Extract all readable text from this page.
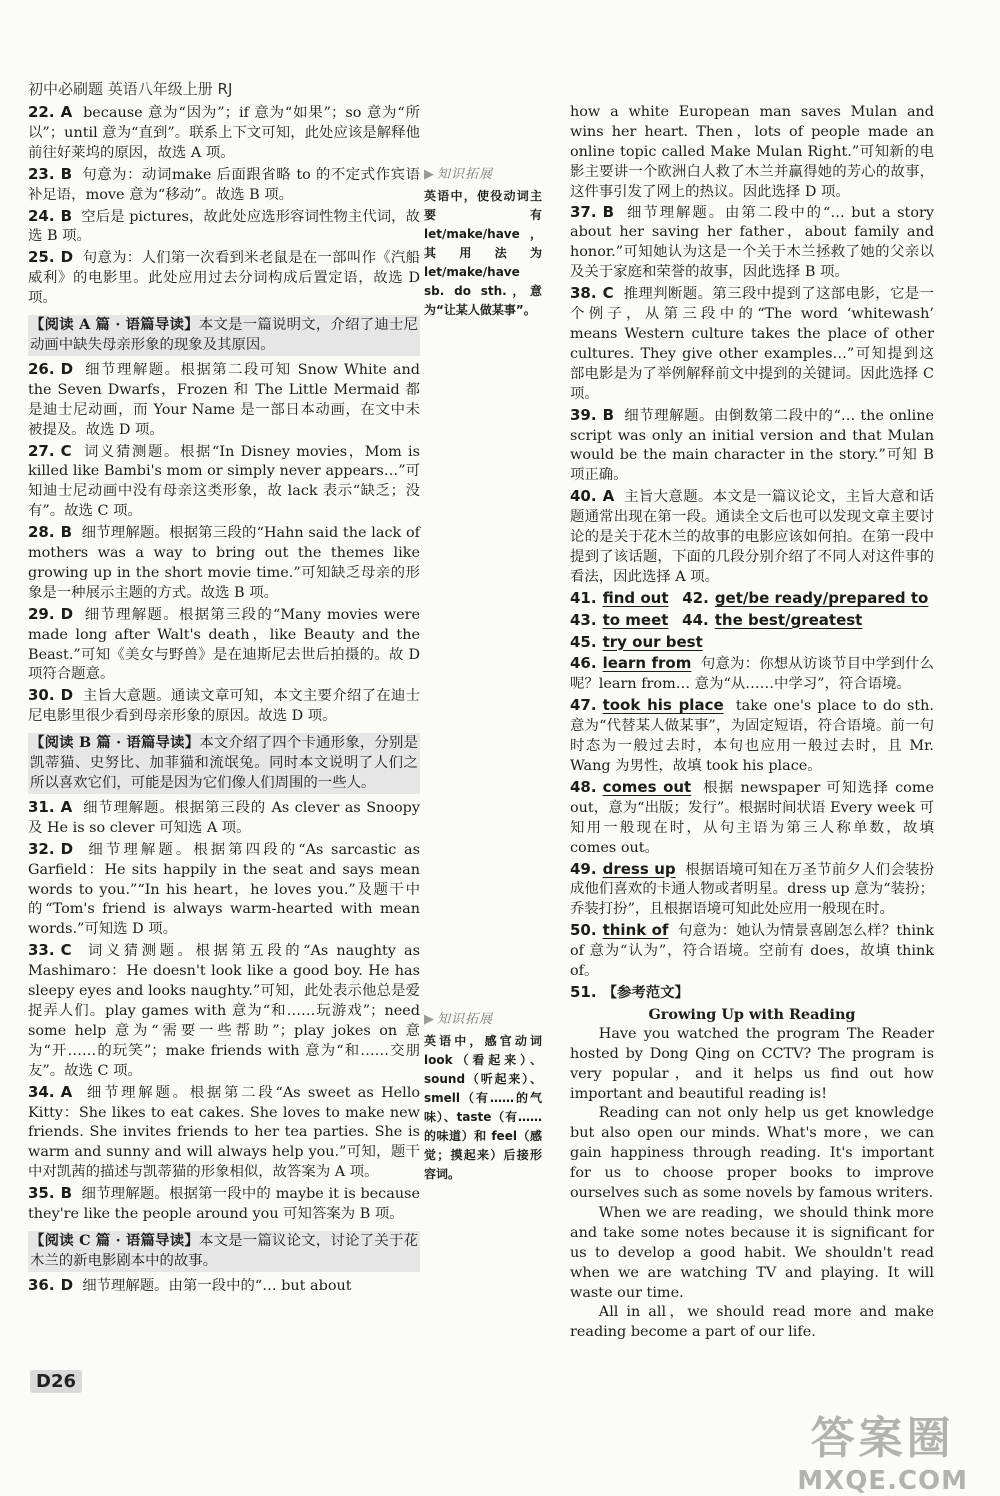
初中必刷题 英语八年级上册 RJ

22. A because 意为“因为”；if 意为“如果”；so 意为“所以”；until 意为“直到”。联系上下文可知，此处应该是解释他前往好莱坞的原因，故选 A 项。

23. B 句意为：动词make 后面跟省略 to 的不定式作宾语补足语，move 意为“移动”。故选 B 项。

24. B 空后是 pictures，故此处应选形容词性物主代词，故选 B 项。

25. D 句意为：人们第一次看到米老鼠是在一部叫作《汽船威利》的电影里。此处应用过去分词构成后置定语，故选 D 项。

【阅读 A 篇 · 语篇导读】本文是一篇说明文，介绍了迪士尼动画中缺失母亲形象的现象及其原因。

26. D 细节理解题。根据第二段可知 Snow White and the Seven Dwarfs，Frozen 和 The Little Mermaid 都是迪士尼动画，而 Your Name 是一部日本动画，在文中未被提及。故选 D 项。

27. C 词义猜测题。根据“In Disney movies，Mom is killed like Bambi's mom or simply never appears…”可知迪士尼动画中没有母亲这类形象，故 lack 表示“缺乏；没有”。故选 C 项。

28. B 细节理解题。根据第三段的“Hahn said the lack of mothers was a way to bring out the themes like growing up in the short movie time.”可知缺乏母亲的形象是一种展示主题的方式。故选 B 项。

29. D 细节理解题。根据第三段的“Many movies were made long after Walt's death，like Beauty and the Beast.”可知《美女与野兽》是在迪斯尼去世后拍摄的。故 D 项符合题意。

30. D 主旨大意题。通读文章可知，本文主要介绍了在迪士尼电影里很少看到母亲形象的原因。故选 D 项。

【阅读 B 篇 · 语篇导读】本文介绍了四个卡通形象，分别是凯蒂猫、史努比、加菲猫和流氓兔。同时本文说明了人们之所以喜欢它们，可能是因为它们像人们周围的一些人。

31. A 细节理解题。根据第三段的 As clever as Snoopy 及 He is so clever 可知选 A 项。

32. D 细节理解题。根据第四段的“As sarcastic as Garfield：He sits happily in the seat and says mean words to you.”“In his heart，he loves you.”及题干中的“Tom's friend is always warm-hearted with mean words.”可知选 D 项。

33. C 词义猜测题。根据第五段的“As naughty as Mashimaro：He doesn't look like a good boy. He has sleepy eyes and looks naughty.”可知，此处表示他总是爱捉弄人们。play games with 意为“和……玩游戏”；need some help 意为“需要一些帮助”；play jokes on 意为“开……的玩笑”；make friends with 意为“和……交朋友”。故选 C 项。

34. A 细节理解题。根据第二段“As sweet as Hello Kitty：She likes to eat cakes. She loves to make new friends. She invites friends to her tea parties. She is warm and sunny and will always help you.”可知，题干中对凯茜的描述与凯蒂猫的形象相似，故答案为 A 项。

35. B 细节理解题。根据第一段中的 maybe it is because they're like the people around you 可知答案为 B 项。

【阅读 C 篇 · 语篇导读】本文是一篇议论文，讨论了关于花木兰的新电影剧本中的故事。

36. D 细节理解题。由第一段中的“… but about

▶ 知识拓展

英语中，使役动词主要有 let/make/have，其用法为 let/make/have sb. do sth.，意为“让某人做某事”。

▶ 知识拓展

英语中，感官动词 look（看起来）、sound（听起来）、smell（有……的气味）、taste（有……的味道）和 feel（感觉；摸起来）后接形容词。

how a white European man saves Mulan and wins her heart. Then，lots of people made an online topic called Make Mulan Right.”可知新的电影主要讲一个欧洲白人救了木兰并赢得她的芳心的故事，这件事引发了网上的热议。因此选择 D 项。

37. B 细节理解题。由第二段中的“… but a story about her saving her father，about family and honor.”可知她认为这是一个关于木兰拯救了她的父亲以及关于家庭和荣誉的故事，因此选择 B 项。

38. C 推理判断题。第三段中提到了这部电影，它是一个例子，从第三段中的“The word ‘whitewash’ means Western culture takes the place of other cultures. They give other examples…”可知提到这部电影是为了举例解释前文中提到的关键词。因此选择 C 项。

39. B 细节理解题。由倒数第二段中的“… the online script was only an initial version and that Mulan would be the main character in the story.”可知 B 项正确。

40. A 主旨大意题。本文是一篇议论文，主旨大意和话题通常出现在第一段。通读全文后也可以发现文章主要讨论的是关于花木兰的故事的电影应该如何拍。在第一段中提到了该话题，下面的几段分别介绍了不同人对这件事的看法，因此选择 A 项。

41. find out 42. get/be ready/prepared to

43. to meet 44. the best/greatest

45. try our best

46. learn from 句意为：你想从访谈节目中学到什么呢？learn from… 意为“从……中学习”，符合语境。

47. took his place take one's place to do sth. 意为“代替某人做某事”，为固定短语，符合语境。前一句时态为一般过去时，本句也应用一般过去时，且 Mr. Wang 为男性，故填 took his place。

48. comes out 根据 newspaper 可知选择 come out，意为“出版；发行”。根据时间状语 Every week 可知用一般现在时，从句主语为第三人称单数，故填 comes out。

49. dress up 根据语境可知在万圣节前夕人们会装扮成他们喜欢的卡通人物或者明星。dress up 意为“装扮；乔装打扮”，且根据语境可知此处应用一般现在时。

50. think of 句意为：她认为情景喜剧怎么样？think of 意为“认为”，符合语境。空前有 does，故填 think of。

51. 【参考范文】

Growing Up with Reading

Have you watched the program The Reader hosted by Dong Qing on CCTV? The program is very popular，and it helps us find out how important and beautiful reading is!

Reading can not only help us get knowledge but also open our minds. What's more，we can gain happiness through reading. It's important for us to choose proper books to improve ourselves such as some novels by famous writers.

When we are reading，we should think more and take some notes because it is significant for us to develop a good habit. We shouldn't read when we are watching TV and playing. It will waste our time.

All in all，we should read more and make reading become a part of our life.

D26
答案圈
MXQE.COM
